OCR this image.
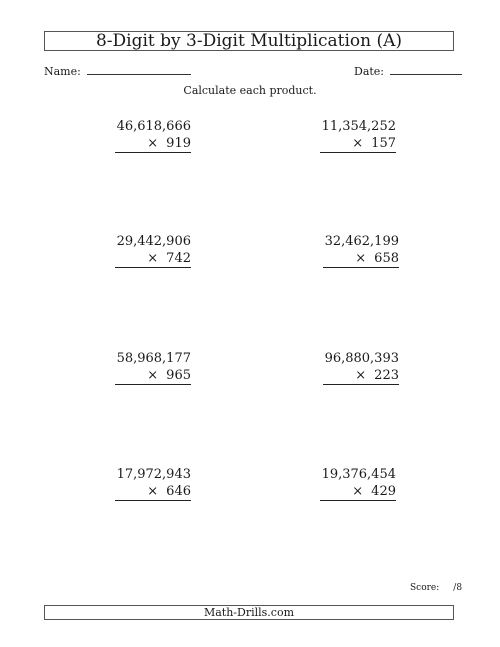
8-Digit by 3-Digit Multiplication (A)
Name:	Date:
Calculate each product.
46,618,666
× 919
11,354,252
× 157
29,442,906
× 742
32,462,199
× 658
58,968,177
× 965
96,880,393
× 223
17,972,943
× 646
19,376,454
× 429
Score: /8
Math-Drills.com
